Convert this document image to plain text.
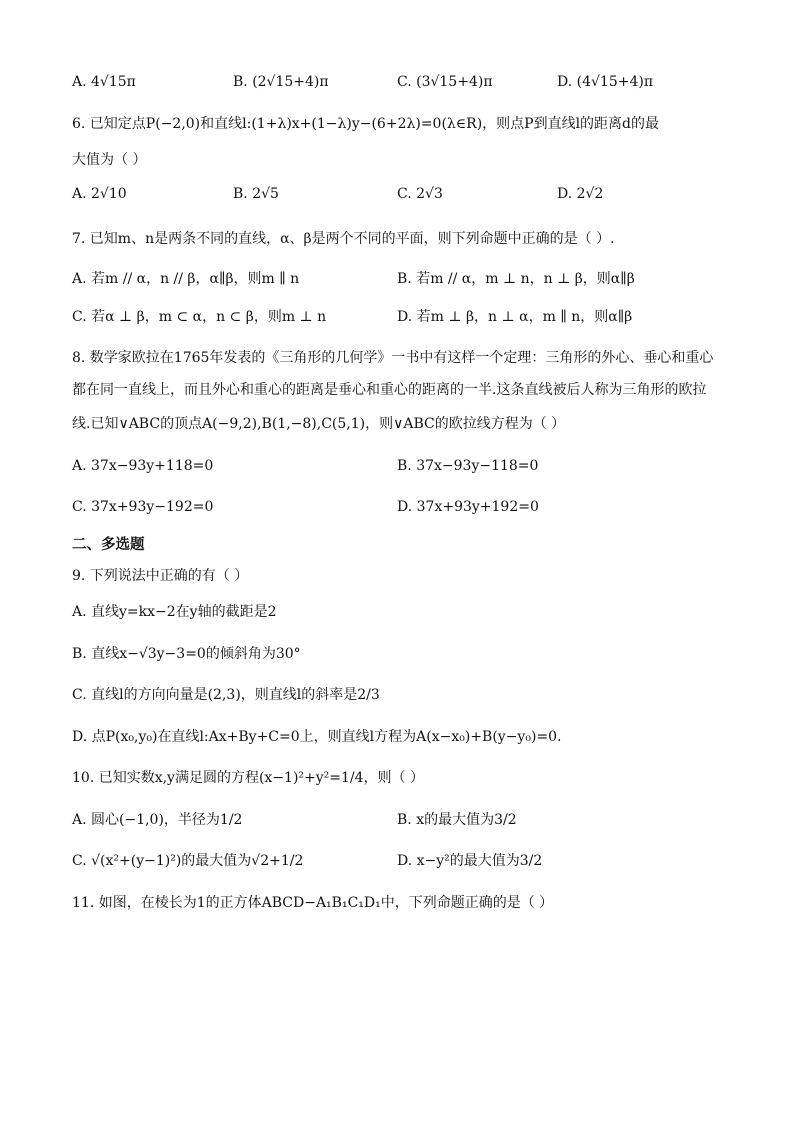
A. 4√15π	B. (2√15+4)π	C. (3√15+4)π	D. (4√15+4)π
6. 已知定点P(−2,0)和直线l:(1+λ)x+(1−λ)y−(6+2λ)=0(λ∈R)，则点P到直线l的距离d的最
大值为（ ）
A. 2√10	B. 2√5	C. 2√3	D. 2√2
7. 已知m、n是两条不同的直线，α、β是两个不同的平面，则下列命题中正确的是（ ）.
A. 若m // α，n // β，α∥β，则m ∥ n	B. 若m // α，m ⊥ n，n ⊥ β，则α∥β
C. 若α ⊥ β，m ⊂ α，n ⊂ β，则m ⊥ n	D. 若m ⊥ β，n ⊥ α，m ∥ n，则α∥β
8. 数学家欧拉在1765年发表的《三角形的几何学》一书中有这样一个定理：三角形的外心、垂心和重心
都在同一直线上，而且外心和重心的距离是垂心和重心的距离的一半.这条直线被后人称为三角形的欧拉
线.已知∨ABC的顶点A(−9,2),B(1,−8),C(5,1)，则∨ABC的欧拉线方程为（ ）
A. 37x−93y+118=0	B. 37x−93y−118=0
C. 37x+93y−192=0	D. 37x+93y+192=0
二、多选题
9. 下列说法中正确的有（ ）
A. 直线y=kx−2在y轴的截距是2
B. 直线x−√3y−3=0的倾斜角为30°
C. 直线l的方向向量是(2,3)，则直线l的斜率是2/3
D. 点P(x₀,y₀)在直线l:Ax+By+C=0上，则直线l方程为A(x−x₀)+B(y−y₀)=0.
10. 已知实数x,y满足圆的方程(x−1)²+y²=1/4，则（ ）
A. 圆心(−1,0)，半径为1/2	B. x的最大值为3/2
C. √(x²+(y−1)²)的最大值为√2+1/2	D. x−y²的最大值为3/2
11. 如图，在棱长为1的正方体ABCD−A₁B₁C₁D₁中，下列命题正确的是（ ）
